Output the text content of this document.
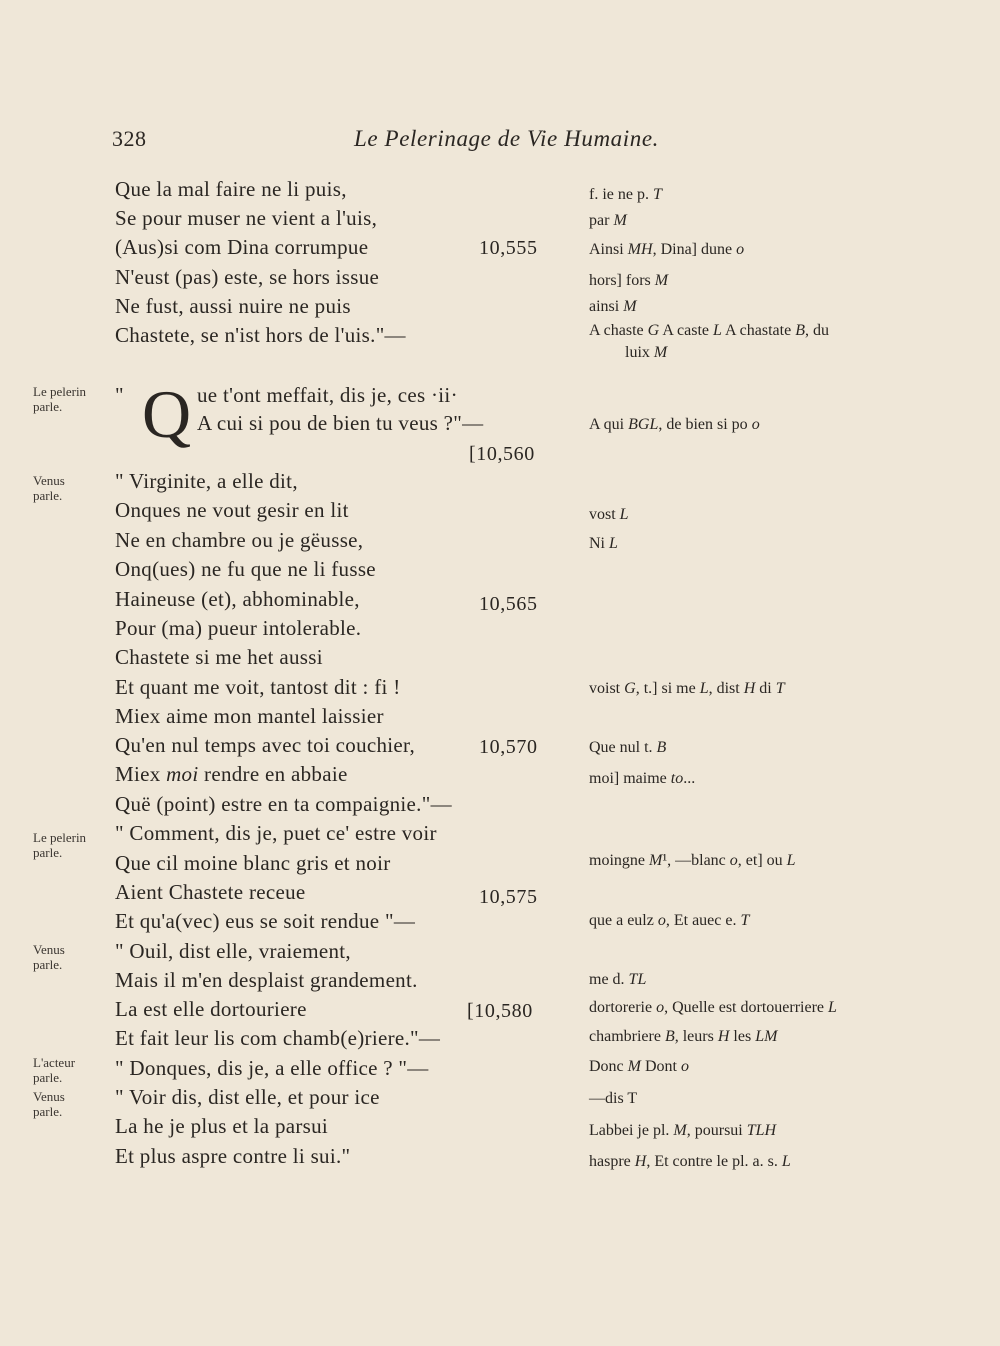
328	Le Pelerinage de Vie Humaine.
" Q
Que la mal faire ne li puis,
Se pour muser ne vient a l'uis,
(Aus)si com Dina corrumpue
N'eust (pas) este, se hors issue
Ne fust, aussi nuire ne puis
Chastete, se n'ist hors de l'uis."—
ue t'ont meffait, dis je, ces ·ii·
A cui si pou de bien tu veus ?"—
" Virginite, a elle dit,
Onques ne vout gesir en lit
Ne en chambre ou je gëusse,
Onq(ues) ne fu que ne li fusse
Haineuse (et), abhominable,
Pour (ma) pueur intolerable.
Chastete si me het aussi
Et quant me voit, tantost dit : fi !
Miex aime mon mantel laissier
Qu'en nul temps avec toi couchier,
Miex moi rendre en abbaie
Quë (point) estre en ta compaignie."—
" Comment, dis je, puet ce' estre voir
Que cil moine blanc gris et noir
Aient Chastete receue
Et qu'a(vec) eus se soit rendue "—
" Ouil, dist elle, vraiement,
Mais il m'en desplaist grandement.
La est elle dortouriere
Et fait leur lis com chamb(e)riere."—
" Donques, dis je, a elle office ? "—
" Voir dis, dist elle, et pour ice
La he je plus et la parsui
Et plus aspre contre li sui."
10,555
[10,560
10,565
10,570
10,575
[10,580
Le pelerin
parle.
Venus
parle.
Le pelerin
parle.
Venus
parle.
L'acteur
parle.
Venus
parle.
f. ie ne p. T
par M
Ainsi MH, Dina] dune o
hors] fors M
ainsi M
A chaste G A caste L A chastate B, du
luix M
A qui BGL, de bien si po o
vost L
Ni L
voist G, t.] si me L, dist H di T
Que nul t. B
moi] maime to...
moingne M¹, —blanc o, et] ou L
que a eulz o, Et auec e. T
me d. TL
dortorerie o, Quelle est dortouerriere L
chambriere B, leurs H les LM
Donc M Dont o
—dis T
Labbei je pl. M, poursui TLH
haspre H, Et contre le pl. a. s. L
